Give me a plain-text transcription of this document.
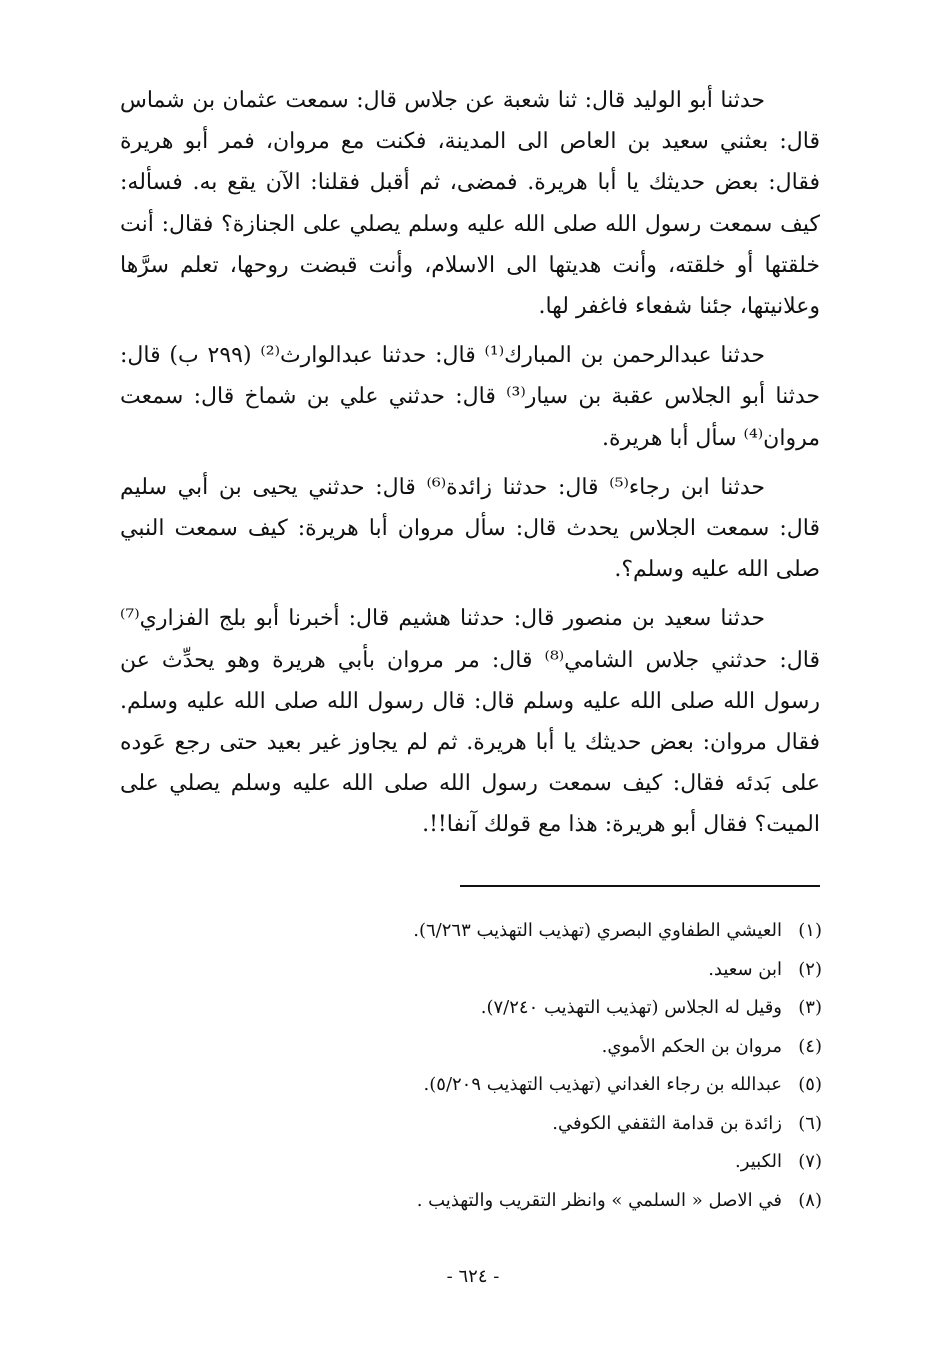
حدثنا أبو الوليد قال: ثنا شعبة عن جلاس قال: سمعت عثمان بن شماس قال: بعثني سعيد بن العاص الى المدينة، فكنت مع مروان، فمر أبو هريرة فقال: بعض حديثك يا أبا هريرة. فمضى، ثم أقبل فقلنا: الآن يقع به. فسأله: كيف سمعت رسول الله صلى الله عليه وسلم يصلي على الجنازة؟ فقال: أنت خلقتها أو خلقته، وأنت هديتها الى الاسلام، وأنت قبضت روحها، تعلم سرَّها وعلانيتها، جئنا شفعاء فاغفر لها.

حدثنا عبدالرحمن بن المبارك⁽¹⁾ قال: حدثنا عبدالوارث⁽²⁾ (٢٩٩ ب) قال: حدثنا أبو الجلاس عقبة بن سيار⁽³⁾ قال: حدثني علي بن شماخ قال: سمعت مروان⁽⁴⁾ سأل أبا هريرة.

حدثنا ابن رجاء⁽⁵⁾ قال: حدثنا زائدة⁽⁶⁾ قال: حدثني يحيى بن أبي سليم قال: سمعت الجلاس يحدث قال: سأل مروان أبا هريرة: كيف سمعت النبي صلى الله عليه وسلم؟.

حدثنا سعيد بن منصور قال: حدثنا هشيم قال: أخبرنا أبو بلج الفزاري⁽⁷⁾ قال: حدثني جلاس الشامي⁽⁸⁾ قال: مر مروان بأبي هريرة وهو يحدِّث عن رسول الله صلى الله عليه وسلم قال: قال رسول الله صلى الله عليه وسلم. فقال مروان: بعض حديثك يا أبا هريرة. ثم لم يجاوز غير بعيد حتى رجع عَوده على بَدئه فقال: كيف سمعت رسول الله صلى الله عليه وسلم يصلي على الميت؟ فقال أبو هريرة: هذا مع قولك آنفا!!.

(١)
العيشي الطفاوي البصري (تهذيب التهذيب ٦/٢٦٣).
(٢)
ابن سعيد.
(٣)
وقيل له الجلاس (تهذيب التهذيب ٧/٢٤٠).
(٤)
مروان بن الحكم الأموي.
(٥)
عبدالله بن رجاء الغداني (تهذيب التهذيب ٥/٢٠٩).
(٦)
زائدة بن قدامة الثقفي الكوفي.
(٧)
الكبير.
(٨)
في الاصل « السلمي » وانظر التقريب والتهذيب .
- ٦٢٤ -
